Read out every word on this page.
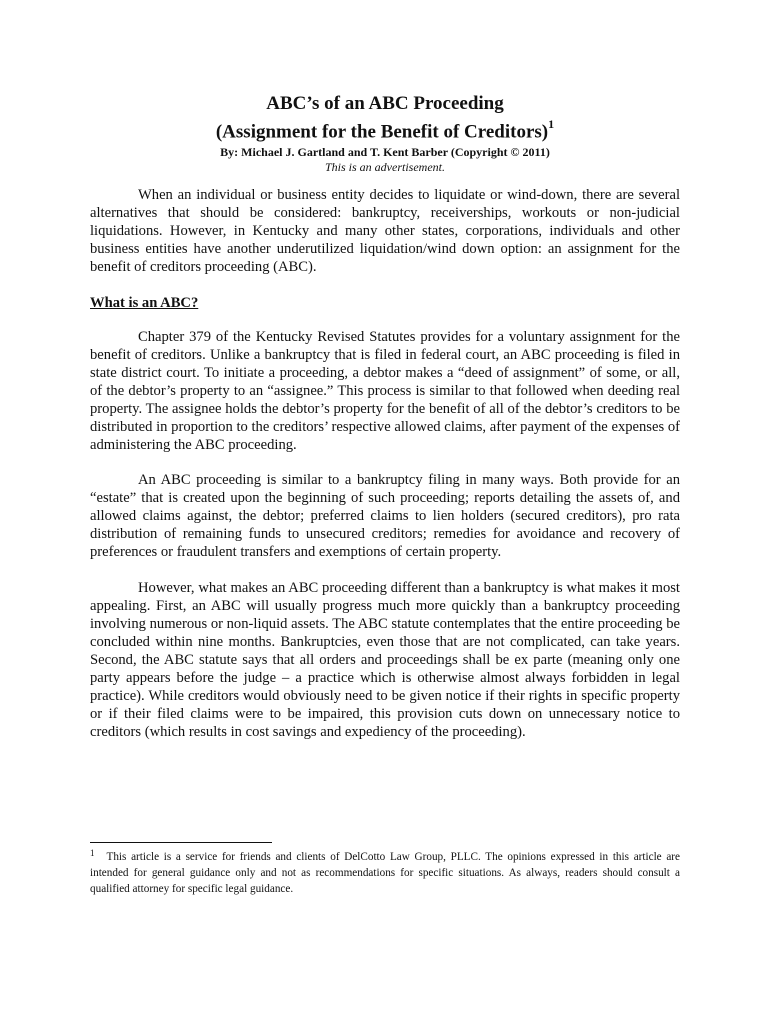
ABC’s of an ABC Proceeding

(Assignment for the Benefit of Creditors)$^1$

By: Michael J. Gartland and T. Kent Barber (Copyright © 2011)

This is an advertisement.

When an individual or business entity decides to liquidate or wind-down, there are several alternatives that should be considered: bankruptcy, receiverships, workouts or non-judicial liquidations. However, in Kentucky and many other states, corporations, individuals and other business entities have another underutilized liquidation/wind down option: an assignment for the benefit of creditors proceeding (ABC).

What is an ABC?

Chapter 379 of the Kentucky Revised Statutes provides for a voluntary assignment for the benefit of creditors. Unlike a bankruptcy that is filed in federal court, an ABC proceeding is filed in state district court. To initiate a proceeding, a debtor makes a “deed of assignment” of some, or all, of the debtor’s property to an “assignee.” This process is similar to that followed when deeding real property. The assignee holds the debtor’s property for the benefit of all of the debtor’s creditors to be distributed in proportion to the creditors’ respective allowed claims, after payment of the expenses of administering the ABC proceeding.

An ABC proceeding is similar to a bankruptcy filing in many ways. Both provide for an “estate” that is created upon the beginning of such proceeding; reports detailing the assets of, and allowed claims against, the debtor; preferred claims to lien holders (secured creditors), pro rata distribution of remaining funds to unsecured creditors; remedies for avoidance and recovery of preferences or fraudulent transfers and exemptions of certain property.

However, what makes an ABC proceeding different than a bankruptcy is what makes it most appealing. First, an ABC will usually progress much more quickly than a bankruptcy proceeding involving numerous or non-liquid assets. The ABC statute contemplates that the entire proceeding be concluded within nine months. Bankruptcies, even those that are not complicated, can take years. Second, the ABC statute says that all orders and proceedings shall be ex parte (meaning only one party appears before the judge – a practice which is otherwise almost always forbidden in legal practice). While creditors would obviously need to be given notice if their rights in specific property or if their filed claims were to be impaired, this provision cuts down on unnecessary notice to creditors (which results in cost savings and expediency of the proceeding).

$^1$ This article is a service for friends and clients of DelCotto Law Group, PLLC. The opinions expressed in this article are intended for general guidance only and not as recommendations for specific situations. As always, readers should consult a qualified attorney for specific legal guidance.
